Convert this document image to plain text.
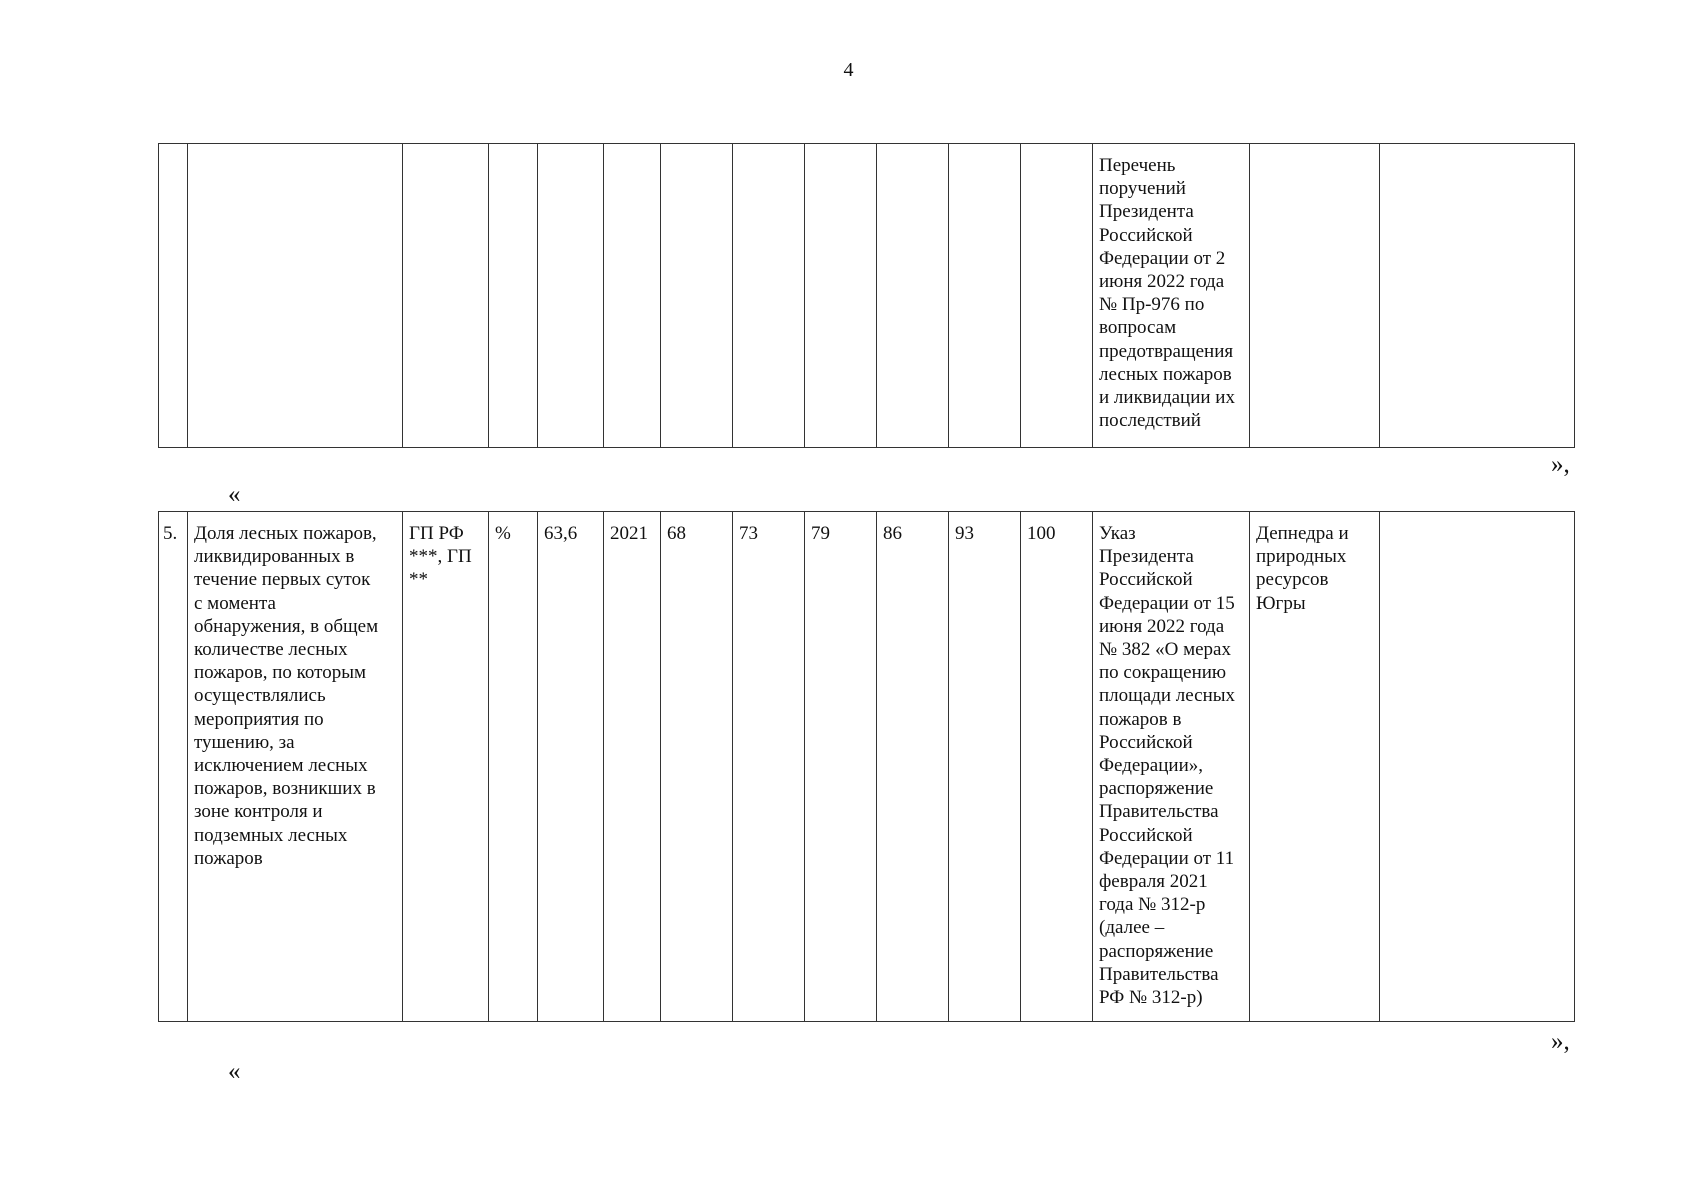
4
												Перечень
поручений
Президента
Российской
Федерации от 2
июня 2022 года
№ Пр-976 по
вопросам
предотвращения
лесных пожаров
и ликвидации их
последствий		
»,
«
5.	Доля лесных пожаров,
ликвидированных в
течение первых суток
с момента
обнаружения, в общем
количестве лесных
пожаров, по которым
осуществлялись
мероприятия по
тушению, за
исключением лесных
пожаров, возникших в
зоне контроля и
подземных лесных
пожаров	ГП РФ
***, ГП
**	%	63,6	2021	68	73	79	86	93	100	Указ
Президента
Российской
Федерации от 15
июня 2022 года
№ 382 «О мерах
по сокращению
площади лесных
пожаров в
Российской
Федерации»,
распоряжение
Правительства
Российской
Федерации от 11
февраля 2021
года № 312-р
(далее –
распоряжение
Правительства
РФ № 312-р)	Депнедра и
природных
ресурсов
Югры	
»,
«
